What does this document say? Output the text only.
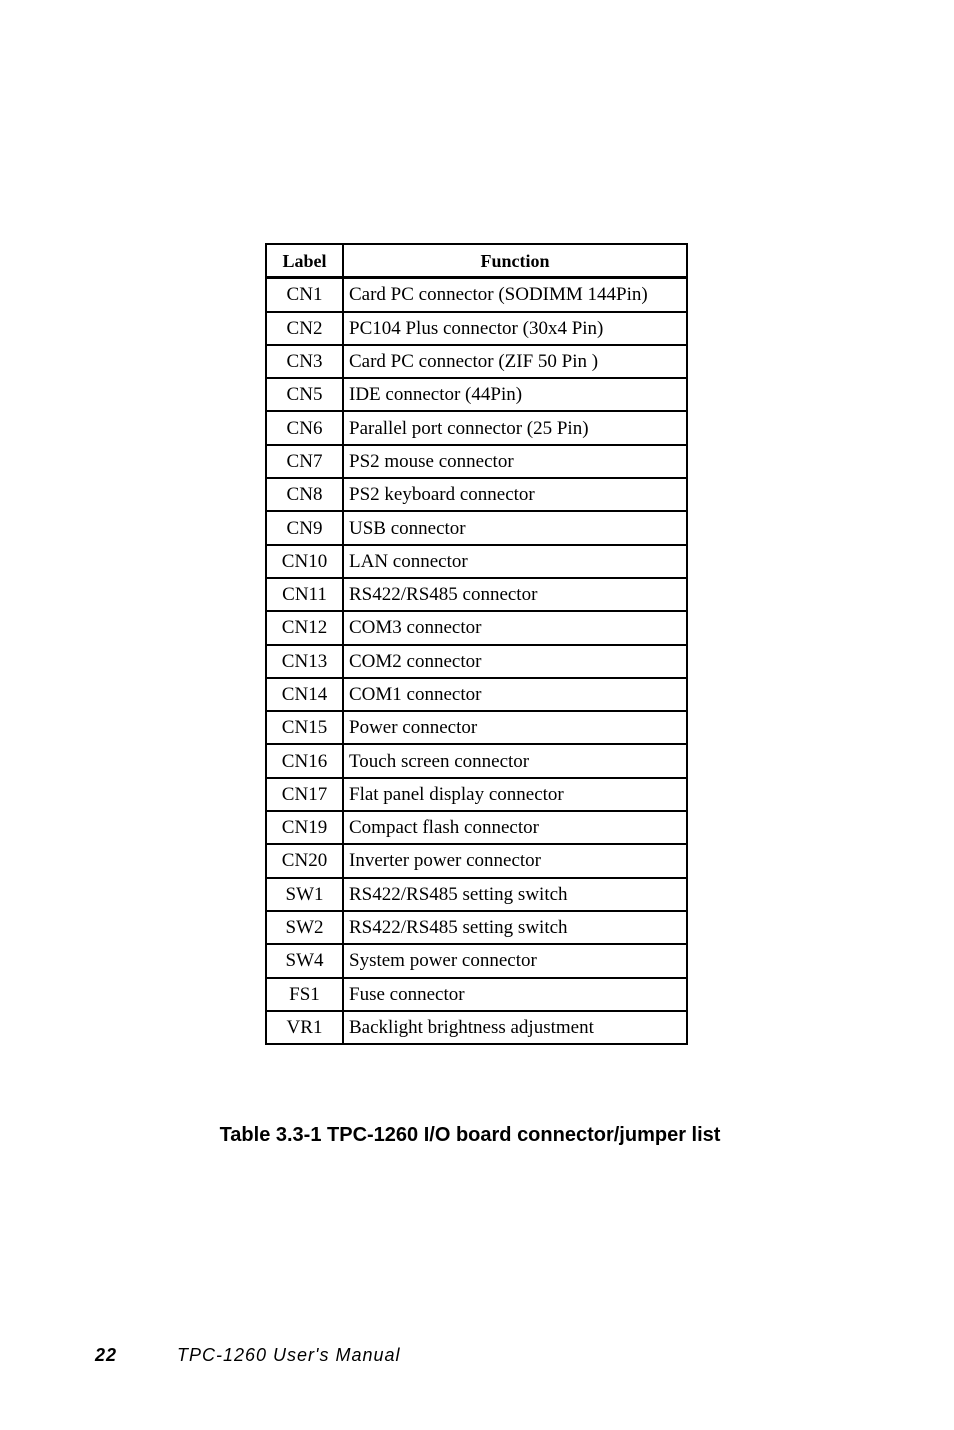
Label	Function
CN1	Card PC connector (SODIMM 144Pin)
CN2	PC104 Plus connector (30x4 Pin)
CN3	Card PC connector (ZIF 50 Pin )
CN5	IDE connector (44Pin)
CN6	Parallel port connector (25 Pin)
CN7	PS2 mouse connector
CN8	PS2 keyboard connector
CN9	USB connector
CN10	LAN connector
CN11	RS422/RS485 connector
CN12	COM3 connector
CN13	COM2 connector
CN14	COM1 connector
CN15	Power connector
CN16	Touch screen connector
CN17	Flat panel display connector
CN19	Compact flash connector
CN20	Inverter power connector
SW1	RS422/RS485 setting switch
SW2	RS422/RS485 setting switch
SW4	System power connector
FS1	Fuse connector
VR1	Backlight brightness adjustment

Table 3.3-1 TPC-1260 I/O board connector/jumper list

22	TPC-1260 User's Manual
